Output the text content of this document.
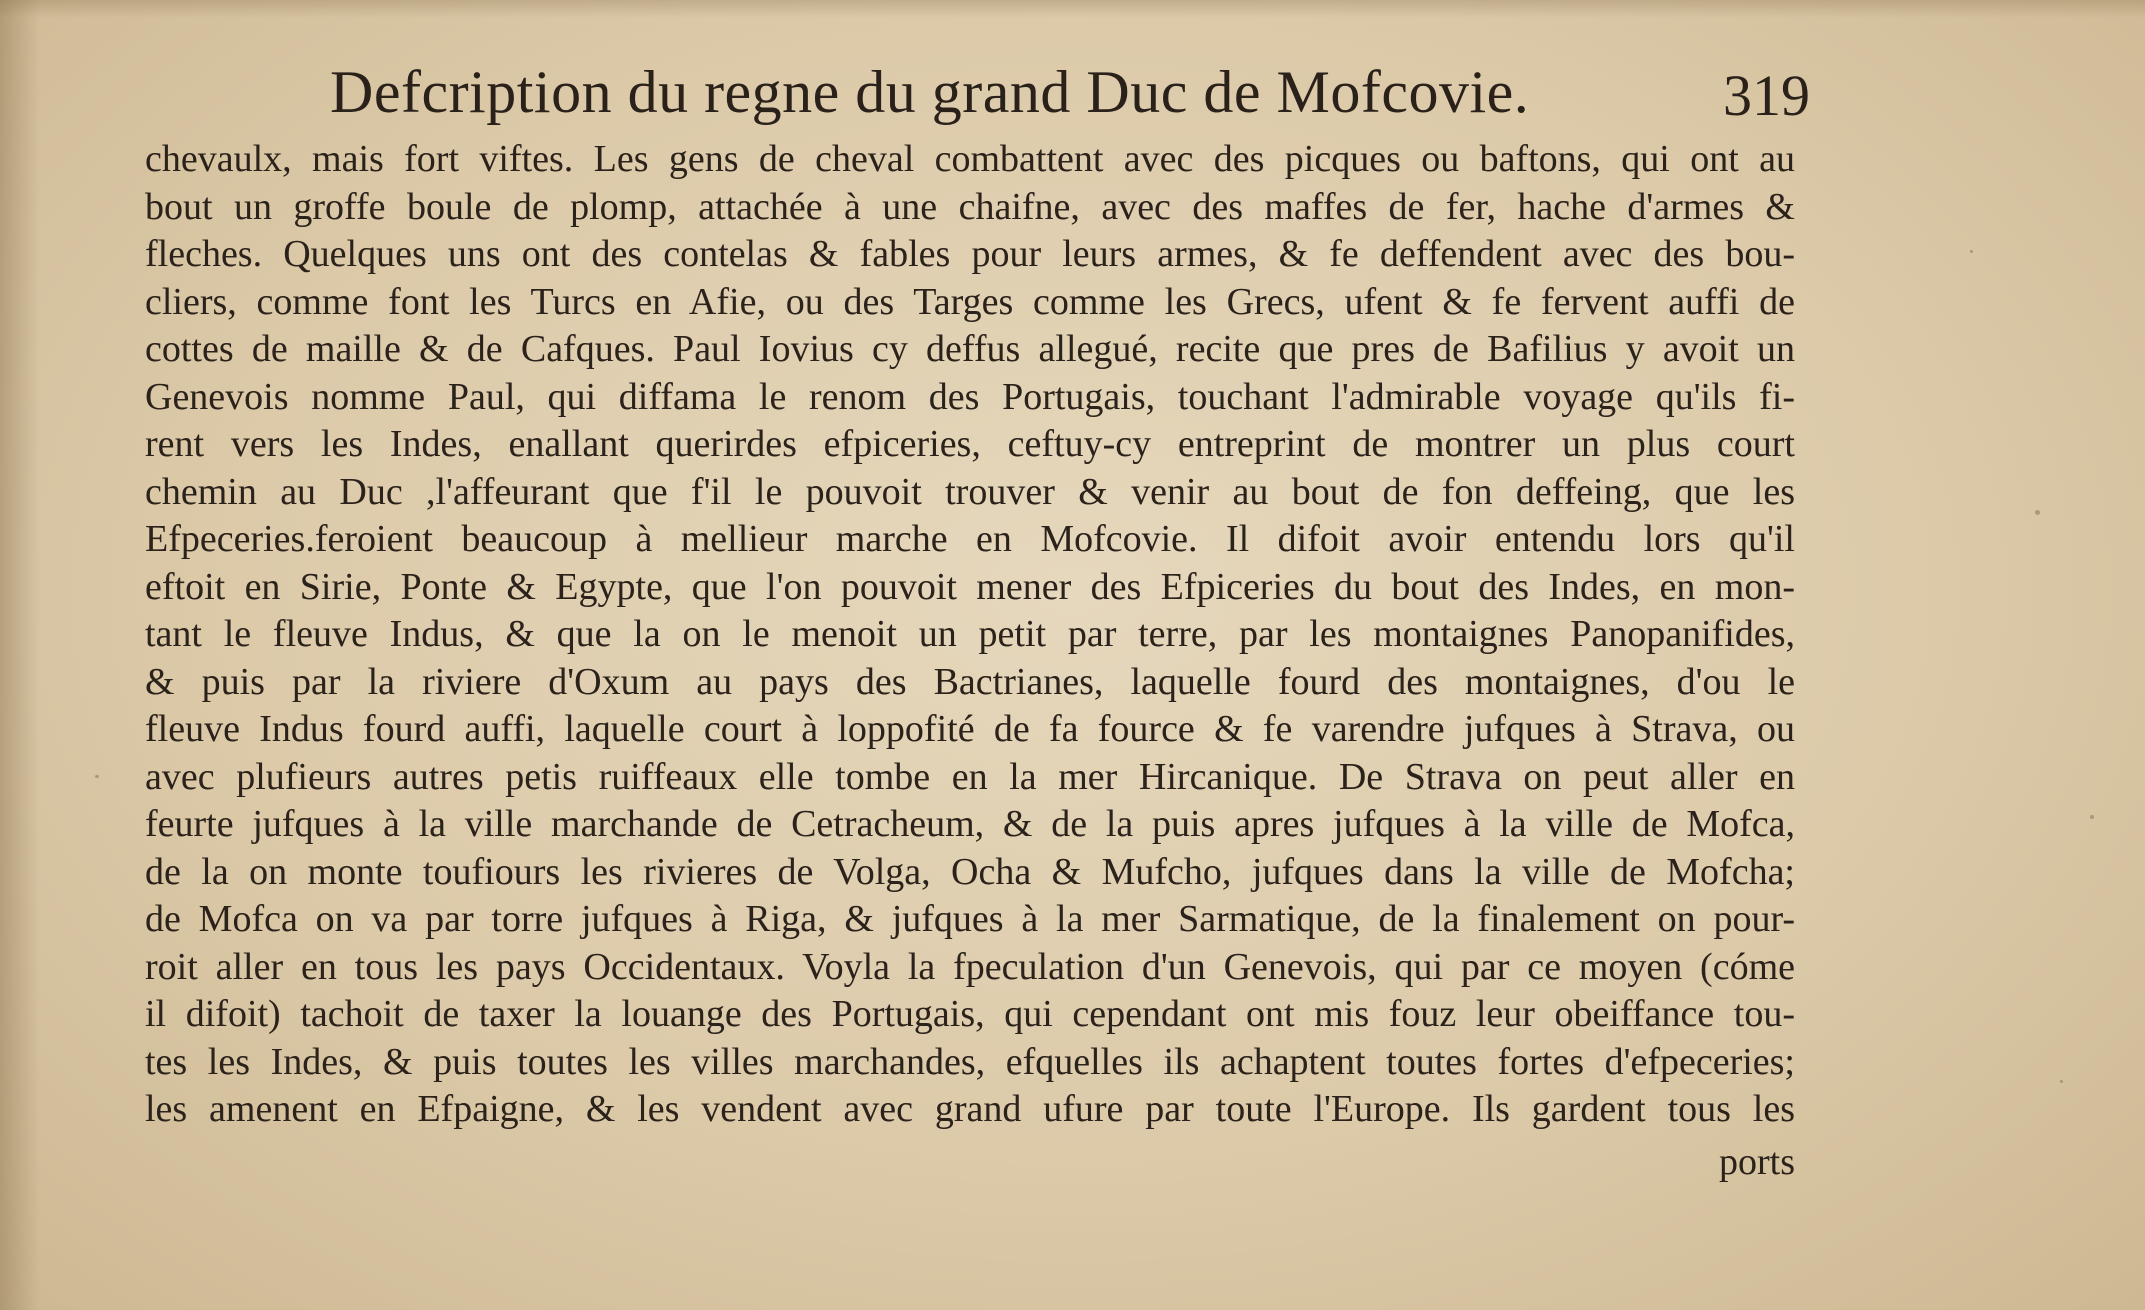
Defcription du regne du grand Duc de Mofcovie.	319
chevaulx, mais fort viftes. Les gens de cheval combattent avec des picques ou baftons, qui ont au
bout un groffe boule de plomp, attachée à une chaifne, avec des maffes de fer, hache d'armes &
fleches. Quelques uns ont des contelas & fables pour leurs armes, & fe deffendent avec des bou-
cliers, comme font les Turcs en Afie, ou des Targes comme les Grecs, ufent & fe fervent auffi de
cottes de maille & de Cafques. Paul Iovius cy deffus allegué, recite que pres de Bafilius y avoit un
Genevois nomme Paul, qui diffama le renom des Portugais, touchant l'admirable voyage qu'ils fi-
rent vers les Indes, enallant querirdes efpiceries, ceftuy-cy entreprint de montrer un plus court
chemin au Duc ,l'affeurant que f'il le pouvoit trouver & venir au bout de fon deffeing, que les
Efpeceries.feroient beaucoup à mellieur marche en Mofcovie. Il difoit avoir entendu lors qu'il
eftoit en Sirie, Ponte & Egypte, que l'on pouvoit mener des Efpiceries du bout des Indes, en mon-
tant le fleuve Indus, & que la on le menoit un petit par terre, par les montaignes Panopanifides,
& puis par la riviere d'Oxum au pays des Bactrianes, laquelle fourd des montaignes, d'ou le
fleuve Indus fourd auffi, laquelle court à loppofité de fa fource & fe varendre jufques à Strava, ou
avec plufieurs autres petis ruiffeaux elle tombe en la mer Hircanique. De Strava on peut aller en
feurte jufques à la ville marchande de Cetracheum, & de la puis apres jufques à la ville de Mofca,
de la on monte toufiours les rivieres de Volga, Ocha & Mufcho, jufques dans la ville de Mofcha;
de Mofca on va par torre jufques à Riga, & jufques à la mer Sarmatique, de la finalement on pour-
roit aller en tous les pays Occidentaux. Voyla la fpeculation d'un Genevois, qui par ce moyen (cóme
il difoit) tachoit de taxer la louange des Portugais, qui cependant ont mis fouz leur obeiffance tou-
tes les Indes, & puis toutes les villes marchandes, efquelles ils achaptent toutes fortes d'efpeceries;
les amenent en Efpaigne, & les vendent avec grand ufure par toute l'Europe. Ils gardent tous les
ports
